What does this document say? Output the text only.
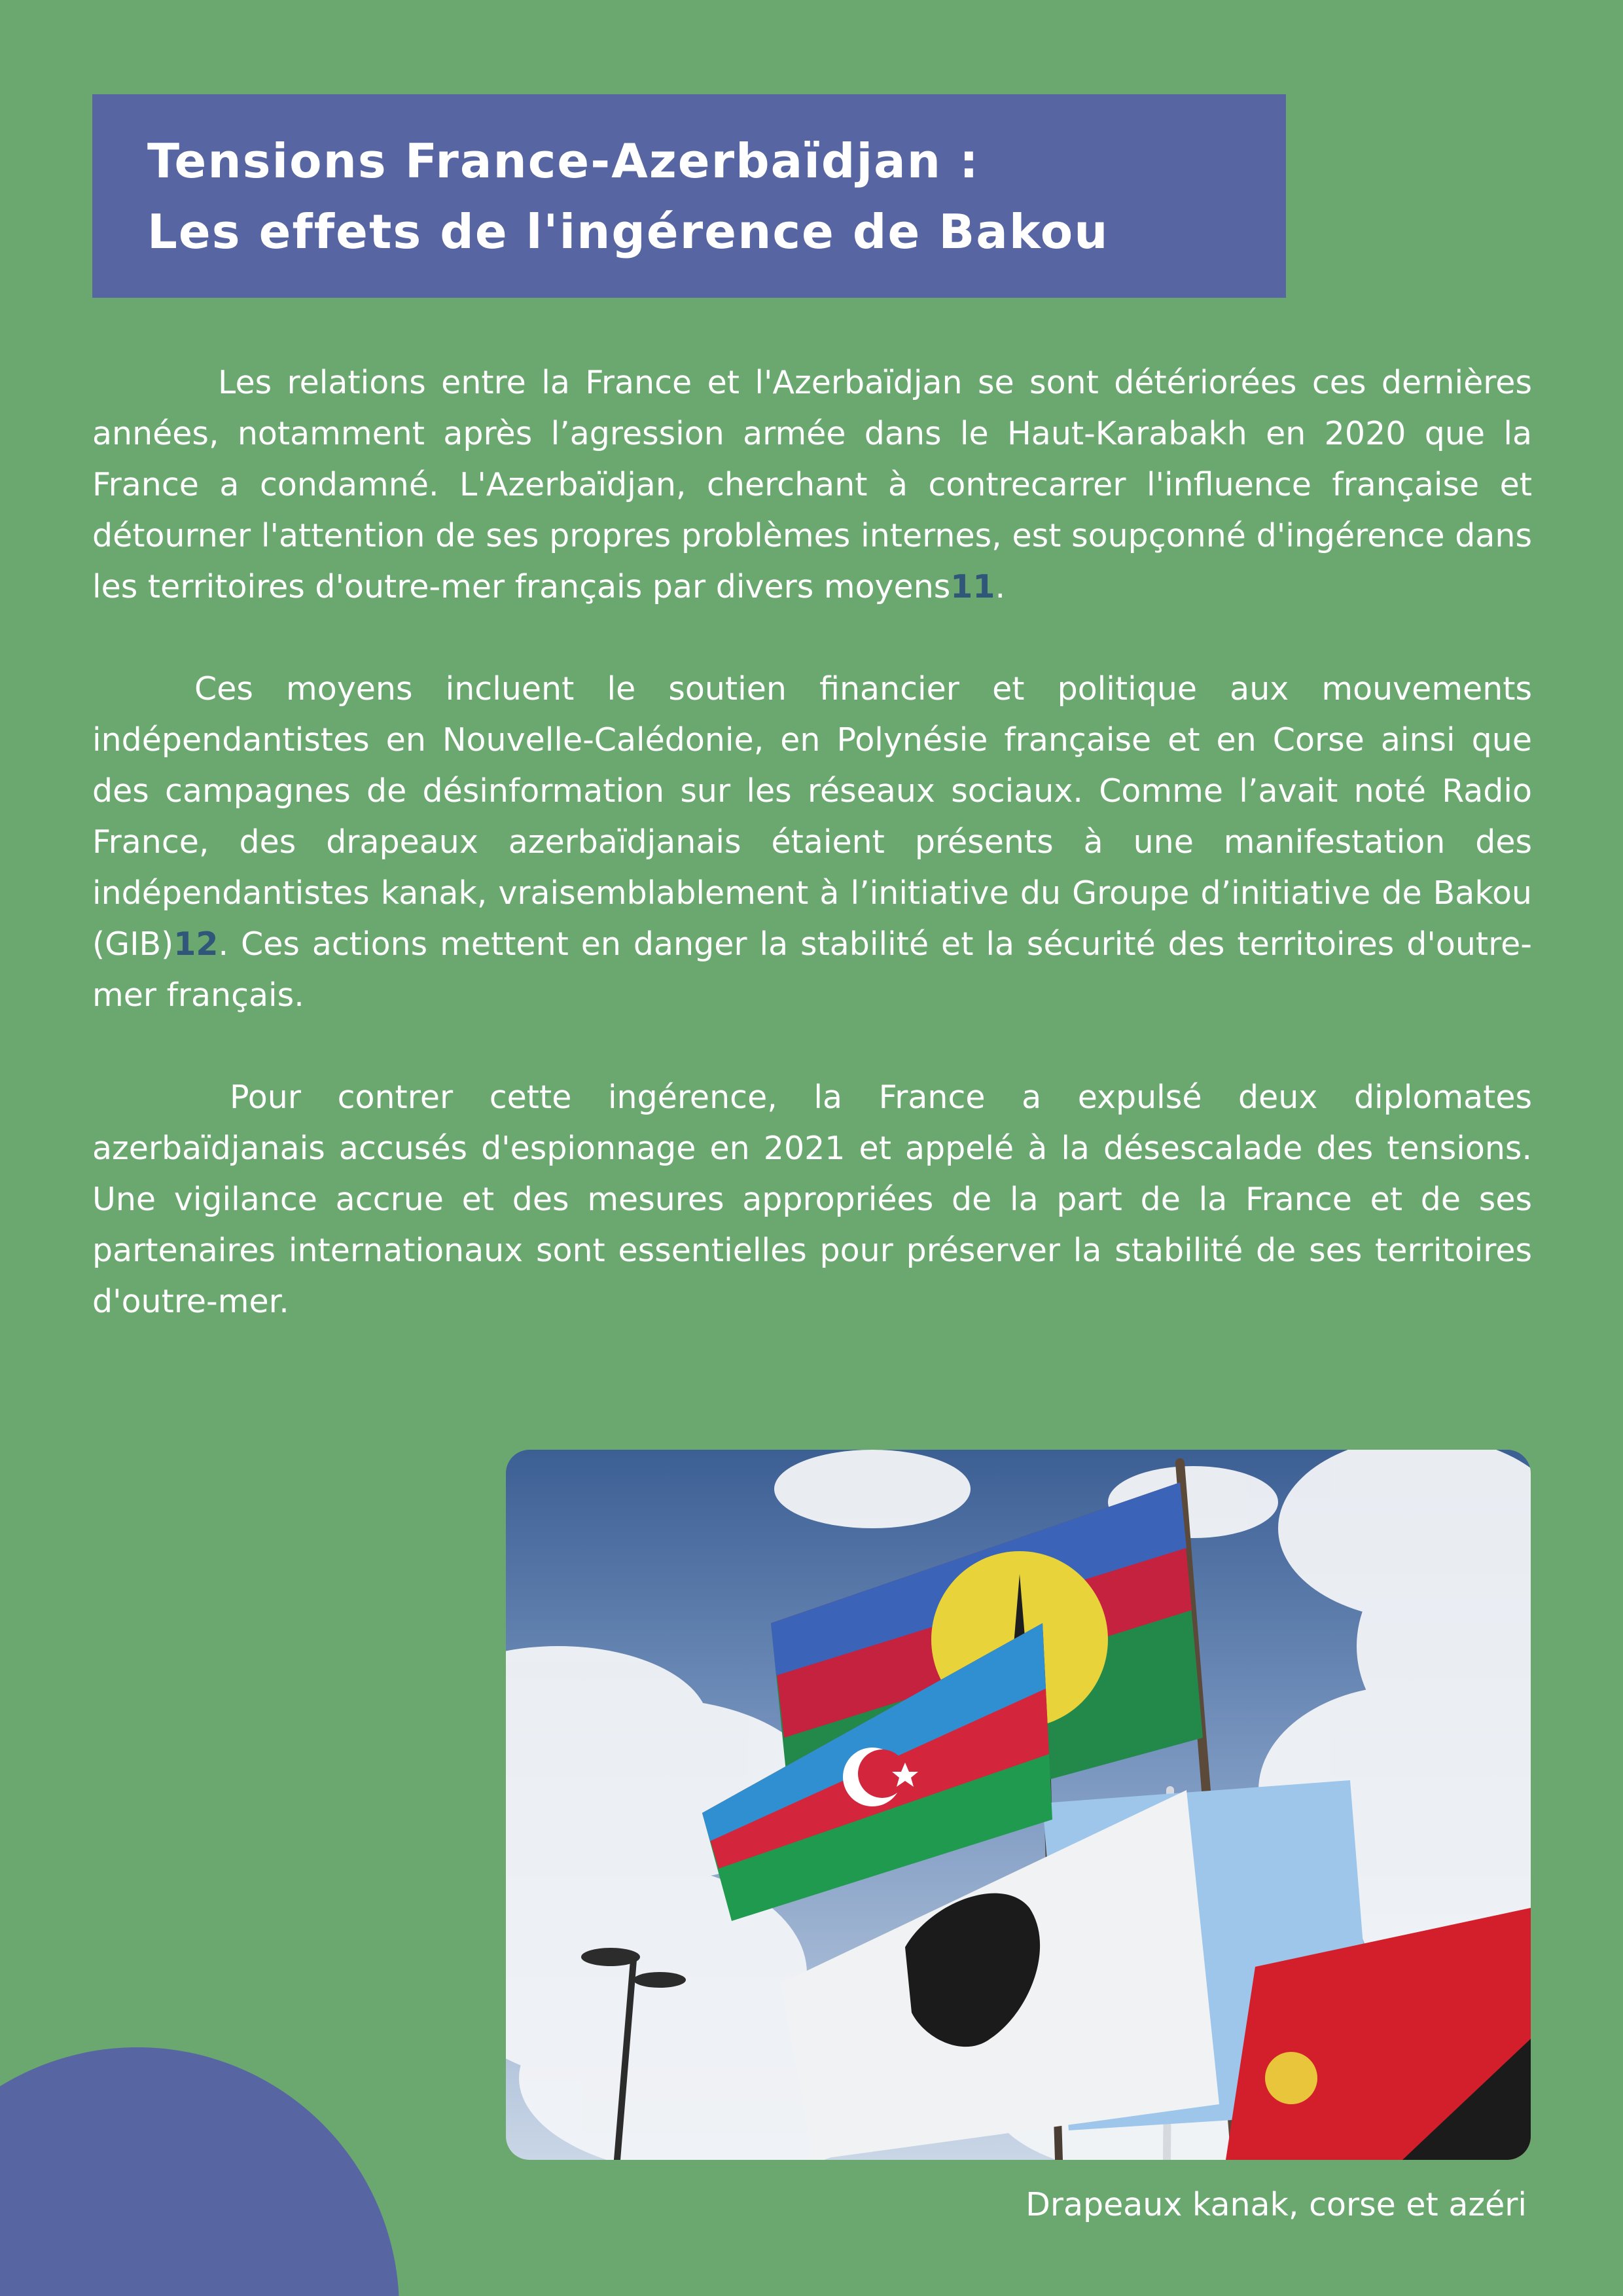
Tensions France-Azerbaïdjan :
Les effets de l'ingérence de Bakou

Les relations entre la France et l'Azerbaïdjan se sont détériorées ces dernières années, notamment après l’agression armée dans le Haut-Karabakh en 2020 que la France a condamné. L'Azerbaïdjan, cherchant à contrecarrer l'influence française et détourner l'attention de ses propres problèmes internes, est soupçonné d'ingérence dans les territoires d'outre-mer français par divers moyens11.

Ces moyens incluent le soutien financier et politique aux mouvements indépendantistes en Nouvelle-Calédonie, en Polynésie française et en Corse ainsi que des campagnes de désinformation sur les réseaux sociaux. Comme l’avait noté Radio France, des drapeaux azerbaïdjanais étaient présents à une manifestation des indépendantistes kanak, vraisemblablement à l’initiative du Groupe d’initiative de Bakou (GIB)12. Ces actions mettent en danger la stabilité et la sécurité des territoires d'outre-mer français.

Pour contrer cette ingérence, la France a expulsé deux diplomates azerbaïdjanais accusés d'espionnage en 2021 et appelé à la désescalade des tensions. Une vigilance accrue et des mesures appropriées de la part de la France et de ses partenaires internationaux sont essentielles pour préserver la stabilité de ses territoires d'outre-mer.

Drapeaux kanak, corse et azéri
